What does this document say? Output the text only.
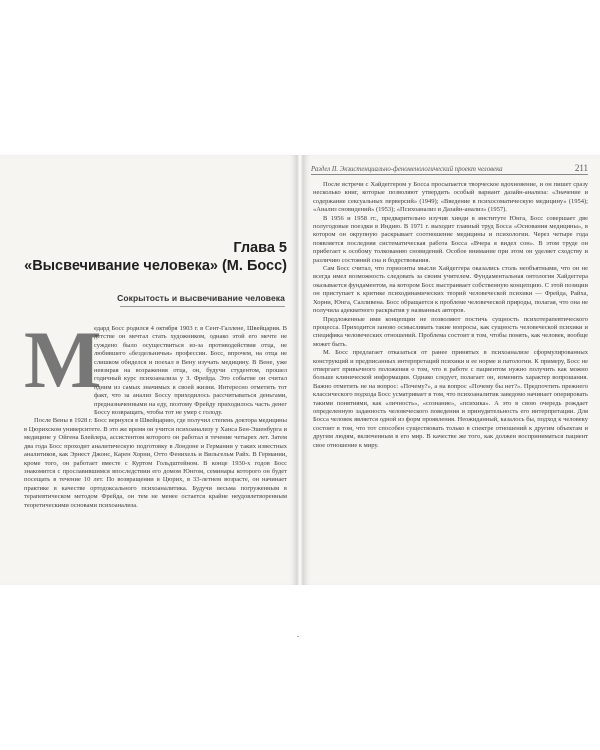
Глава 5
«Высвечивание человека» (М. Босс)
Сокрытость и высвечивание человека
М

едард Босс родился 4 октября 1903 г. в Сент-Галлене, Швейцария. В детстве он мечтал стать художником, однако этой его мечте не суждено было осуществиться из-за противодействия отца, не любившего «бездельничья» профессии. Босс, впрочем, на отца не слишком обиделся и поехал в Вену изучать медицину. В Вене, уже невзирая на возражения отца, он, будучи студентом, прошел годичный курс психоанализа у З. Фрейда. Это событие он считал одним из самых значимых в своей жизни. Интересно отметить тот факт, что за анализ Боссу приходилось рассчитываться деньгами, предназначенными на еду, поэтому Фрейду приходилось часть денег Боссу возвращать, чтобы тот не умер с голоду.

После Вены в 1928 г. Босс вернулся в Швейцарию, где получил степень доктора медицины в Цюрихском университете. В это же время он учится психоанализу у Ханса Бен-Эшенбурга и медицине у Ойгена Блейлера, ассистентом которого он работал в течение четырех лет. Затем два года Босс проходит аналитическую подготовку в Лондоне и Германии у таких известных аналитиков, как Эрнест Джонс, Карен Хорни, Отто Фенихель и Вильгельм Райх. В Германии, кроме того, он работает вместе с Куртом Гольдштейном. В конце 1930-х годов Босс знакомится с прославившимся впоследствии его домом Юнгом, семинары которого он будет посещать в течение 10 лет. По возвращении в Цюрих, в 33-летнем возрасте, он начинает практике в качестве ортодоксального психоаналитика. Будучи весьма погруженным в терапевтическом методом Фрейда, он тем не менее остается крайне неудовлетворенным теоретическими основами психоанализа.

Раздел II. Экзистенциально-феноменологический проект человека	211

После встречи с Хайдеггером у Босса просыпается творческое вдохновение, и он пишет сразу несколько книг, которые позволяют утвердить особый вариант дазайн-анализа: «Значение и содержание сексуальных перверсий» (1949); «Введение в психосоматическую медицину» (1954); «Анализ сновидений» (1953); «Психоанализ и Дазайн-анализ» (1957).

В 1956 и 1958 гг., предварительно изучив хинди в институте Юнга, Босс совершает две полугодовые поездки в Индию. В 1971 г. выходит главный труд Босса «Основания медицины», в котором он окрупную раскрывает соотношение медицины и психологии. Через четыре года появляется последняя систематическая работа Босса «Вчера я видел сон». В этом труде он прибегает к особому толкованию сновидений. Особое внимание при этом он уделяет сходству и различию состояний сна и бодрствования.

Сам Босс считал, что горизонты мысли Хайдеггера оказались столь необъятными, что он не всегда имел возможность следовать за своим учителем. Фундаментальная онтология Хайдеггера оказывается фундаментом, на котором Босс выстраивает собственную концепцию. С этой позиции он приступает к критике психодинамических теорий человеческой психики — Фрейда, Райха, Хорни, Юнга, Салливена. Босс обращается к проблеме человеческой природы, полагая, что она не получила адекватного раскрытия у названных авторов.

Предложенные ими концепции не позволяют постичь сущность психотерапевтического процесса. Приходится заново осмысливать такие вопросы, как сущность человеческой психики и специфика человеческих отношений. Проблема состоит в том, чтобы понять, как человек, вообще может быть.

М. Босс предлагает отказаться от ранее принятых в психоанализе сформулированных конструкций и предписанных интерпретаций психики и ее норме и патологии. К примеру, Босс не отвергает привычного положения о том, что в работе с пациентом нужно получить как можно больше клинической информации. Однако следует, полагает он, изменить характер вопрошания. Важно отметить не на вопрос: «Почему?», а на вопрос «Почему бы нет?». Предпочтить прежнего классического подхода Босс усматривает в том, что психоаналитик заведомо начинает оперировать такими понятиями, как «личность», «сознание», «психика». А это в свою очередь рождает определенную заданность человеческого поведения и принудительность его интерпретации. Для Босса человек является одной из форм проявления. Неожиданный, казалось бы, подход к человеку состоит в том, что тот способен существовать только в спектре отношений к другим объектам и другим людям, включенным в его мир. В качестве же того, как должен восприниматься пациент свое отношение к миру.

.
